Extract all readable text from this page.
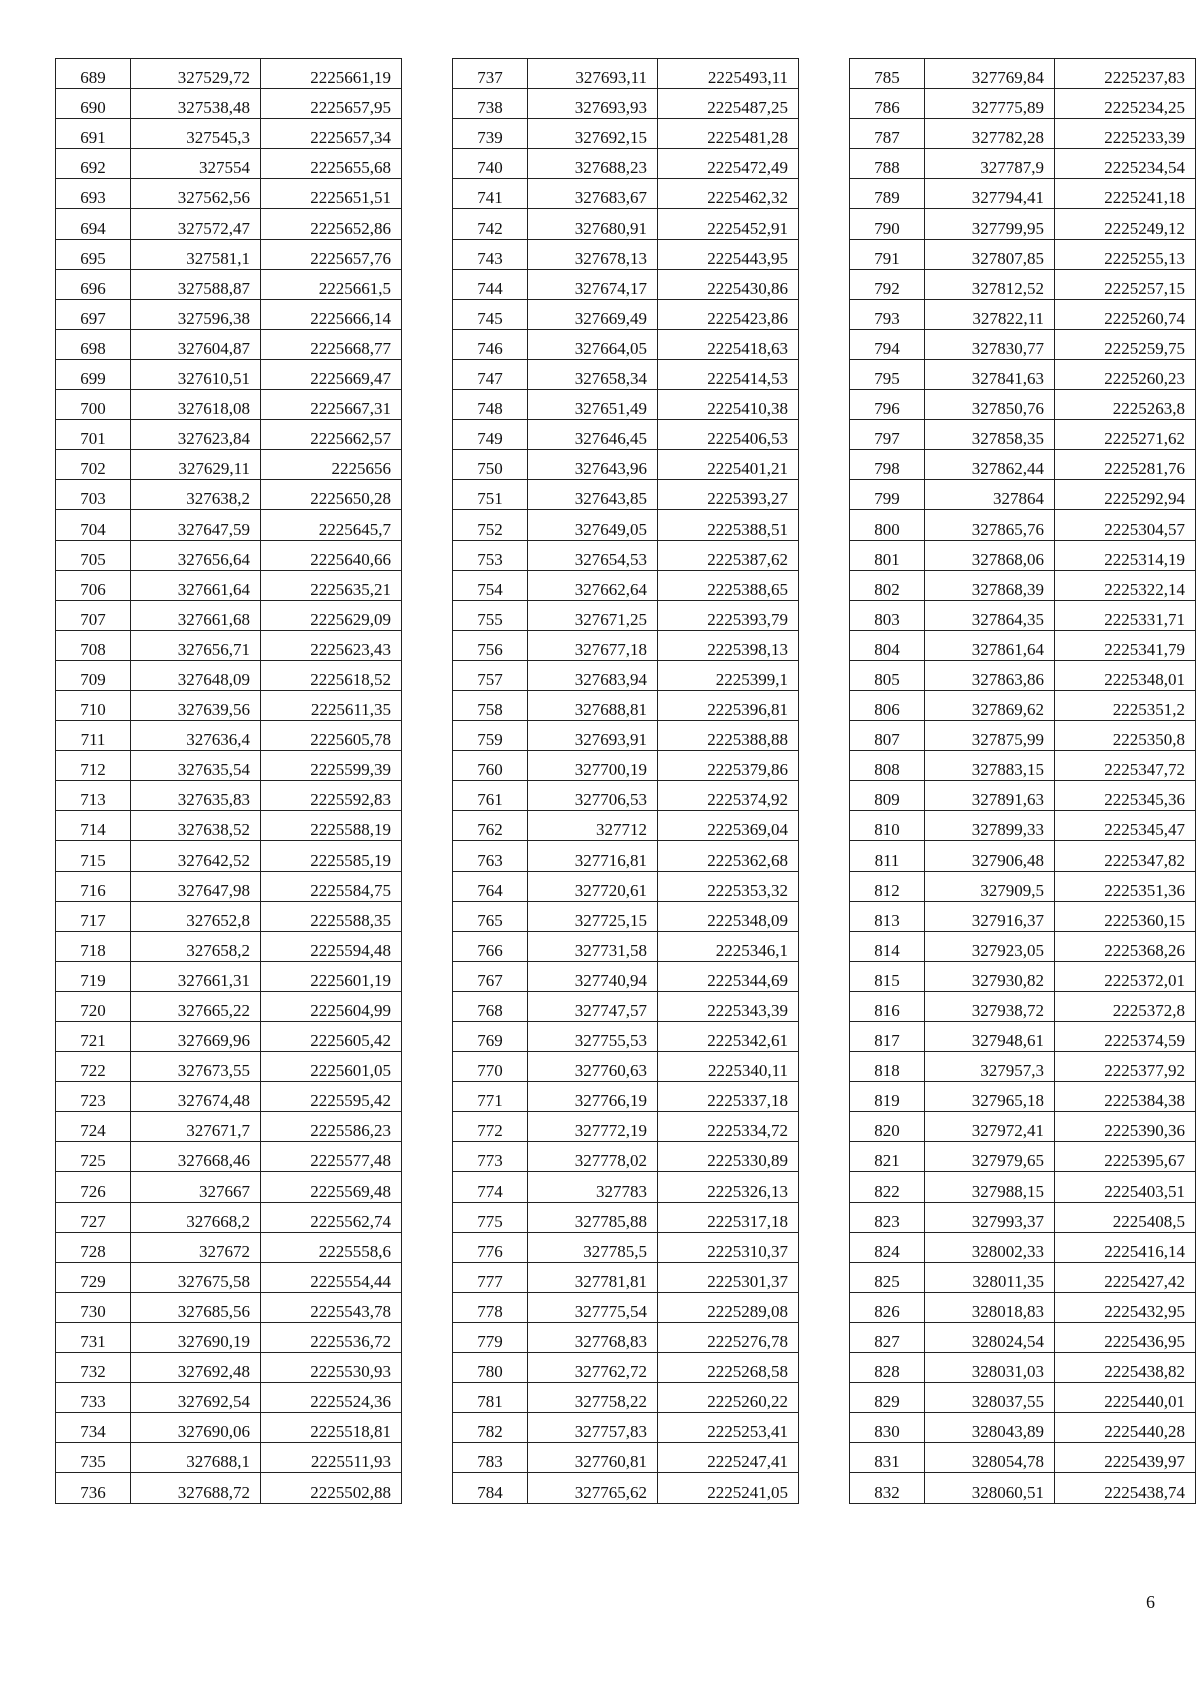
689	327529,72	2225661,19
690	327538,48	2225657,95
691	327545,3	2225657,34
692	327554	2225655,68
693	327562,56	2225651,51
694	327572,47	2225652,86
695	327581,1	2225657,76
696	327588,87	2225661,5
697	327596,38	2225666,14
698	327604,87	2225668,77
699	327610,51	2225669,47
700	327618,08	2225667,31
701	327623,84	2225662,57
702	327629,11	2225656
703	327638,2	2225650,28
704	327647,59	2225645,7
705	327656,64	2225640,66
706	327661,64	2225635,21
707	327661,68	2225629,09
708	327656,71	2225623,43
709	327648,09	2225618,52
710	327639,56	2225611,35
711	327636,4	2225605,78
712	327635,54	2225599,39
713	327635,83	2225592,83
714	327638,52	2225588,19
715	327642,52	2225585,19
716	327647,98	2225584,75
717	327652,8	2225588,35
718	327658,2	2225594,48
719	327661,31	2225601,19
720	327665,22	2225604,99
721	327669,96	2225605,42
722	327673,55	2225601,05
723	327674,48	2225595,42
724	327671,7	2225586,23
725	327668,46	2225577,48
726	327667	2225569,48
727	327668,2	2225562,74
728	327672	2225558,6
729	327675,58	2225554,44
730	327685,56	2225543,78
731	327690,19	2225536,72
732	327692,48	2225530,93
733	327692,54	2225524,36
734	327690,06	2225518,81
735	327688,1	2225511,93
736	327688,72	2225502,88
737	327693,11	2225493,11
738	327693,93	2225487,25
739	327692,15	2225481,28
740	327688,23	2225472,49
741	327683,67	2225462,32
742	327680,91	2225452,91
743	327678,13	2225443,95
744	327674,17	2225430,86
745	327669,49	2225423,86
746	327664,05	2225418,63
747	327658,34	2225414,53
748	327651,49	2225410,38
749	327646,45	2225406,53
750	327643,96	2225401,21
751	327643,85	2225393,27
752	327649,05	2225388,51
753	327654,53	2225387,62
754	327662,64	2225388,65
755	327671,25	2225393,79
756	327677,18	2225398,13
757	327683,94	2225399,1
758	327688,81	2225396,81
759	327693,91	2225388,88
760	327700,19	2225379,86
761	327706,53	2225374,92
762	327712	2225369,04
763	327716,81	2225362,68
764	327720,61	2225353,32
765	327725,15	2225348,09
766	327731,58	2225346,1
767	327740,94	2225344,69
768	327747,57	2225343,39
769	327755,53	2225342,61
770	327760,63	2225340,11
771	327766,19	2225337,18
772	327772,19	2225334,72
773	327778,02	2225330,89
774	327783	2225326,13
775	327785,88	2225317,18
776	327785,5	2225310,37
777	327781,81	2225301,37
778	327775,54	2225289,08
779	327768,83	2225276,78
780	327762,72	2225268,58
781	327758,22	2225260,22
782	327757,83	2225253,41
783	327760,81	2225247,41
784	327765,62	2225241,05
785	327769,84	2225237,83
786	327775,89	2225234,25
787	327782,28	2225233,39
788	327787,9	2225234,54
789	327794,41	2225241,18
790	327799,95	2225249,12
791	327807,85	2225255,13
792	327812,52	2225257,15
793	327822,11	2225260,74
794	327830,77	2225259,75
795	327841,63	2225260,23
796	327850,76	2225263,8
797	327858,35	2225271,62
798	327862,44	2225281,76
799	327864	2225292,94
800	327865,76	2225304,57
801	327868,06	2225314,19
802	327868,39	2225322,14
803	327864,35	2225331,71
804	327861,64	2225341,79
805	327863,86	2225348,01
806	327869,62	2225351,2
807	327875,99	2225350,8
808	327883,15	2225347,72
809	327891,63	2225345,36
810	327899,33	2225345,47
811	327906,48	2225347,82
812	327909,5	2225351,36
813	327916,37	2225360,15
814	327923,05	2225368,26
815	327930,82	2225372,01
816	327938,72	2225372,8
817	327948,61	2225374,59
818	327957,3	2225377,92
819	327965,18	2225384,38
820	327972,41	2225390,36
821	327979,65	2225395,67
822	327988,15	2225403,51
823	327993,37	2225408,5
824	328002,33	2225416,14
825	328011,35	2225427,42
826	328018,83	2225432,95
827	328024,54	2225436,95
828	328031,03	2225438,82
829	328037,55	2225440,01
830	328043,89	2225440,28
831	328054,78	2225439,97
832	328060,51	2225438,74
6
